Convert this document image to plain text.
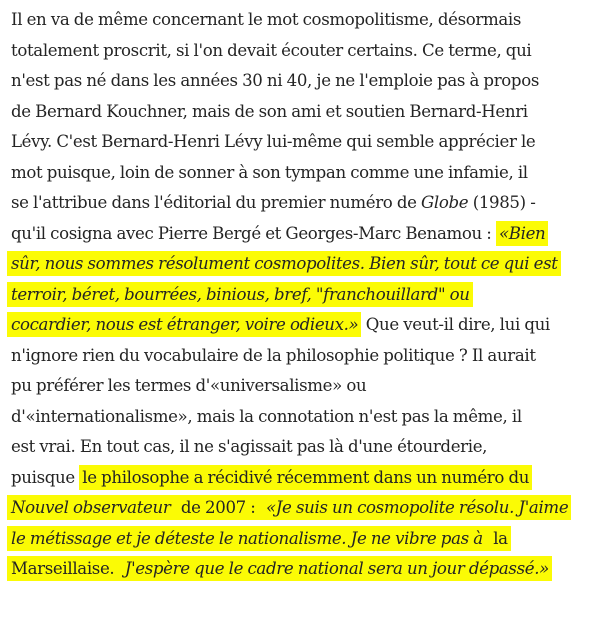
Il en va de même concernant le mot cosmopolitisme, désormais
totalement proscrit, si l'on devait écouter certains. Ce terme, qui
n'est pas né dans les années 30 ni 40, je ne l'emploie pas à propos
de Bernard Kouchner, mais de son ami et soutien Bernard-Henri
Lévy. C'est Bernard-Henri Lévy lui-même qui semble apprécier le
mot puisque, loin de sonner à son tympan comme une infamie, il
se l'attribue dans l'éditorial du premier numéro de Globe (1985) -
qu'il cosigna avec Pierre Bergé et Georges-Marc Benamou : «Bien
sûr, nous sommes résolument cosmopolites. Bien sûr, tout ce qui est
terroir, béret, bourrées, binious, bref, "franchouillard" ou
cocardier, nous est étranger, voire odieux.» Que veut-il dire, lui qui
n'ignore rien du vocabulaire de la philosophie politique ? Il aurait
pu préférer les termes d'«universalisme» ou
d'«internationalisme», mais la connotation n'est pas la même, il
est vrai. En tout cas, il ne s'agissait pas là d'une étourderie,
puisque le philosophe a récidivé récemment dans un numéro du
Nouvel observateur de 2007 : «Je suis un cosmopolite résolu. J'aime
le métissage et je déteste le nationalisme. Je ne vibre pas à la
Marseillaise. J'espère que le cadre national sera un jour dépassé.»
